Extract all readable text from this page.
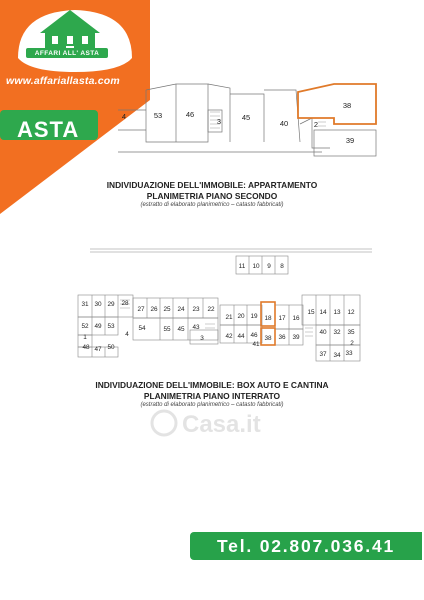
AFFARI ALL' ASTA
www.affariallasta.com
ASTA
4	53	46
3	45
40	2
38
39
INDIVIDUAZIONE DELL'IMMOBILE: APPARTAMENTO
PLANIMETRIA PIANO SECONDO
(estratto di elaborato planimetrico – catasto fabbricati)
11 10 9 8
31 30 29 28
27 26 25 24 23 22
21 20 19 18 17 16
15 14 13 12
52 49 53	54	55 45 43
3	42 44 46
41
38 36 39
40 32 35
4
1
48 47 50
2
37 34 33
INDIVIDUAZIONE DELL'IMMOBILE: BOX AUTO E CANTINA
PLANIMETRIA PIANO INTERRATO
(estratto di elaborato planimetrico – catasto fabbricati)
Casa.it
Tel. 02.807.036.41
